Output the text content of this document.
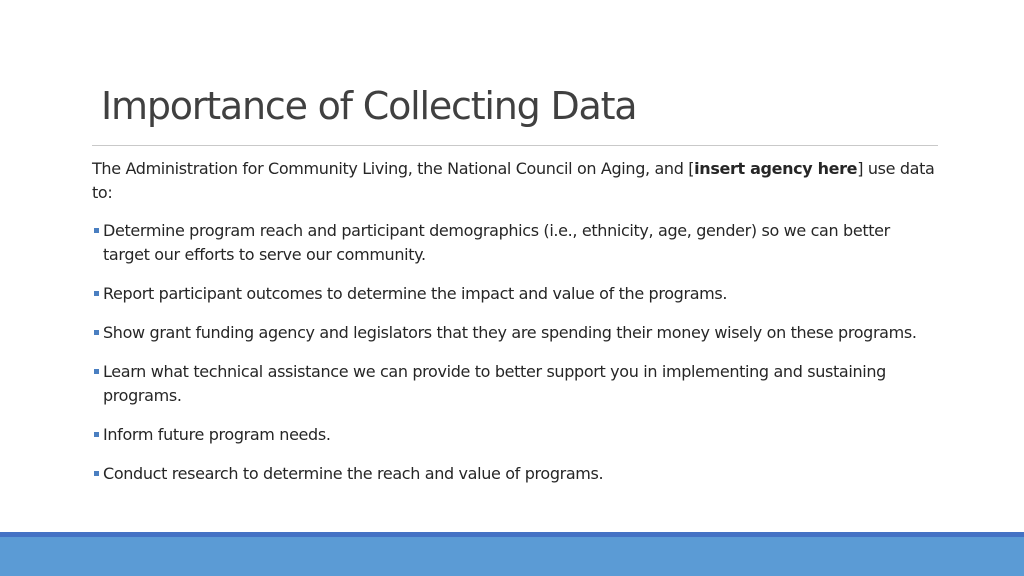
Importance of Collecting Data

The Administration for Community Living, the National Council on Aging, and [insert agency here] use data to:

Determine program reach and participant demographics (i.e., ethnicity, age, gender) so we can better target our efforts to serve our community.
Report participant outcomes to determine the impact and value of the programs.
Show grant funding agency and legislators that they are spending their money wisely on these programs.
Learn what technical assistance we can provide to better support you in implementing and sustaining programs.
Inform future program needs.
Conduct research to determine the reach and value of programs.
